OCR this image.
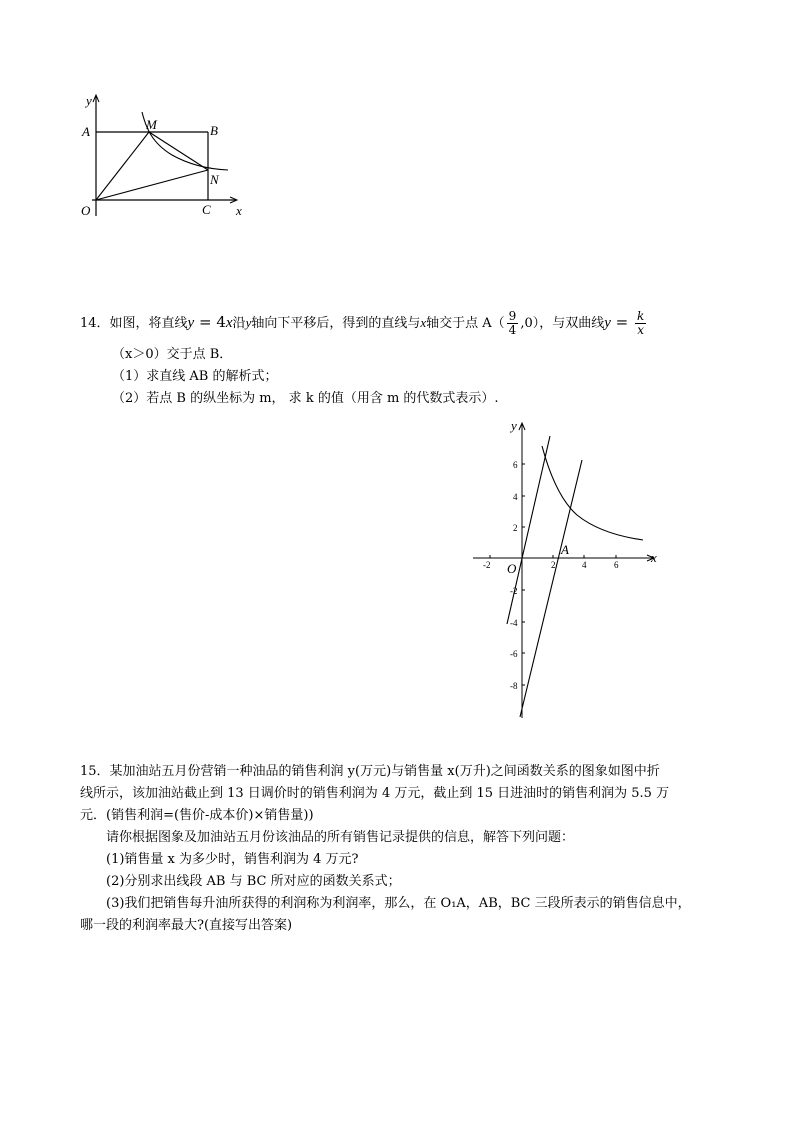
y
A	M	B
N
O	C x
14．如图，将直线y = 4x沿y轴向下平移后，得到的直线与x轴交于点 $A( \frac{9}{4} ,0)$，与双曲线$y = \frac{k}{x}$
（x＞0）交于点 B．
（1）求直线 AB 的解析式；
（2）若点 B 的纵坐标为 m， 求 k 的值（用含 m 的代数式表示）.
-2	2	4	6
6
4
2
-2
-4
-6
-8
y
x
O
A
15．某加油站五月份营销一种油品的销售利润 y(万元)与销售量 x(万升)之间函数关系的图象如图中折
线所示，该加油站截止到 13 日调价时的销售利润为 4 万元，截止到 15 日进油时的销售利润为 5.5 万
元．(销售利润=(售价-成本价)×销售量))
请你根据图象及加油站五月份该油品的所有销售记录提供的信息，解答下列问题：
(1)销售量 x 为多少时，销售利润为 4 万元?
(2)分别求出线段 AB 与 BC 所对应的函数关系式；
(3)我们把销售每升油所获得的利润称为利润率，那么，在 O₁A，AB，BC 三段所表示的销售信息中，
哪一段的利润率最大?(直接写出答案)
